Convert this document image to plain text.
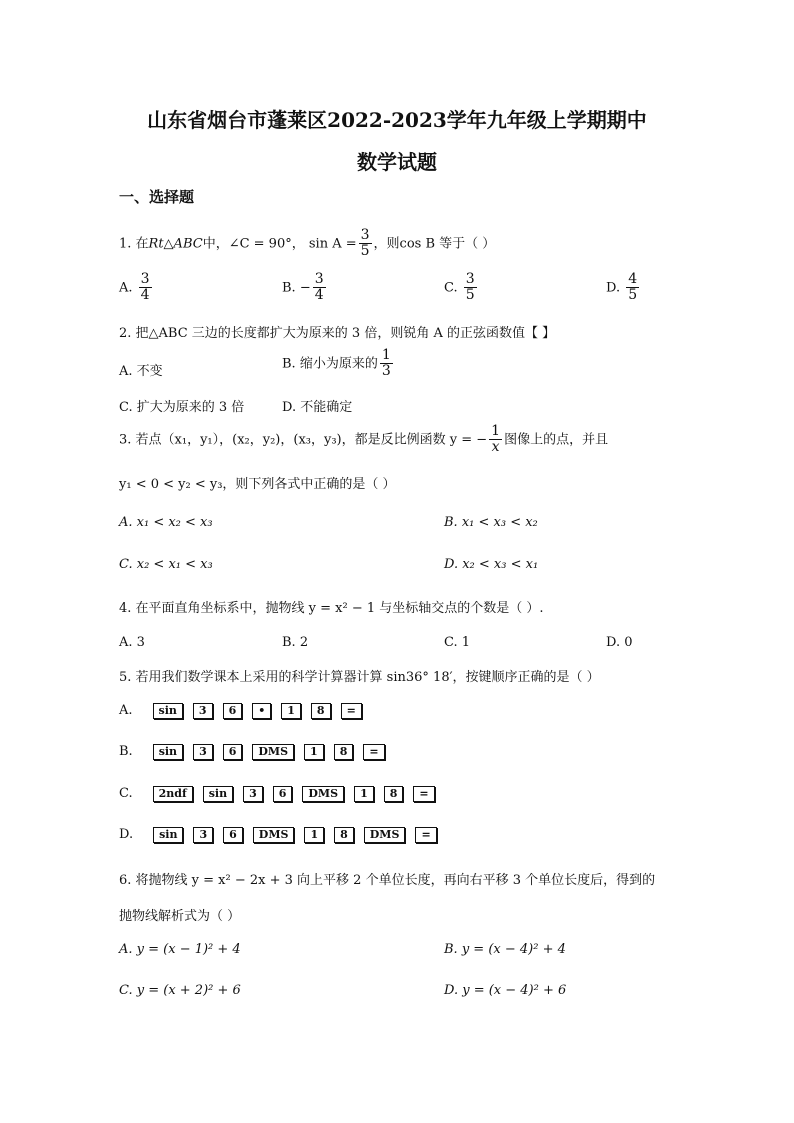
山东省烟台市蓬莱区2022-2023学年九年级上学期期中
数学试题
一、选择题
1. 在Rt△ABC中，∠C = 90°， $\sin A = \frac{3}{5}$ ，则cos B 等于（ ）
A. $\frac{3}{4}$	B. − $\frac{3}{4}$	C. $\frac{3}{5}$	D. $\frac{4}{5}$
2. 把△ABC 三边的长度都扩大为原来的 3 倍，则锐角 A 的正弦函数值【 】
A. 不变
B. 缩小为原来的 $\frac{1}{3}$
C. 扩大为原来的 3 倍	D. 不能确定
3. 若点（x₁，y₁），(x₂，y₂)，(x₃，y₃)，都是反比例函数 y = − $\frac{1}{x}$ 图像上的点，并且
y₁ < 0 < y₂ < y₃，则下列各式中正确的是（ ）
A. x₁ < x₂ < x₃	B. x₁ < x₃ < x₂
C. x₂ < x₁ < x₃	D. x₂ < x₃ < x₁
4. 在平面直角坐标系中，抛物线 y = x² − 1 与坐标轴交点的个数是（ ）.
A. 3	B. 2	C. 1	D. 0
5. 若用我们数学课本上采用的科学计算器计算 sin36° 18′，按键顺序正确的是（ ）
A. sin 3 6 • 1 8 =
B. sin 3 6 DMS 1 8 =
C. 2ndf sin 3 6 DMS 1 8 =
D. sin 3 6 DMS 1 8 DMS =
6. 将抛物线 y = x² − 2x + 3 向上平移 2 个单位长度，再向右平移 3 个单位长度后，得到的
抛物线解析式为（ ）
A. y = (x − 1)² + 4	B. y = (x − 4)² + 4
C. y = (x + 2)² + 6	D. y = (x − 4)² + 6
